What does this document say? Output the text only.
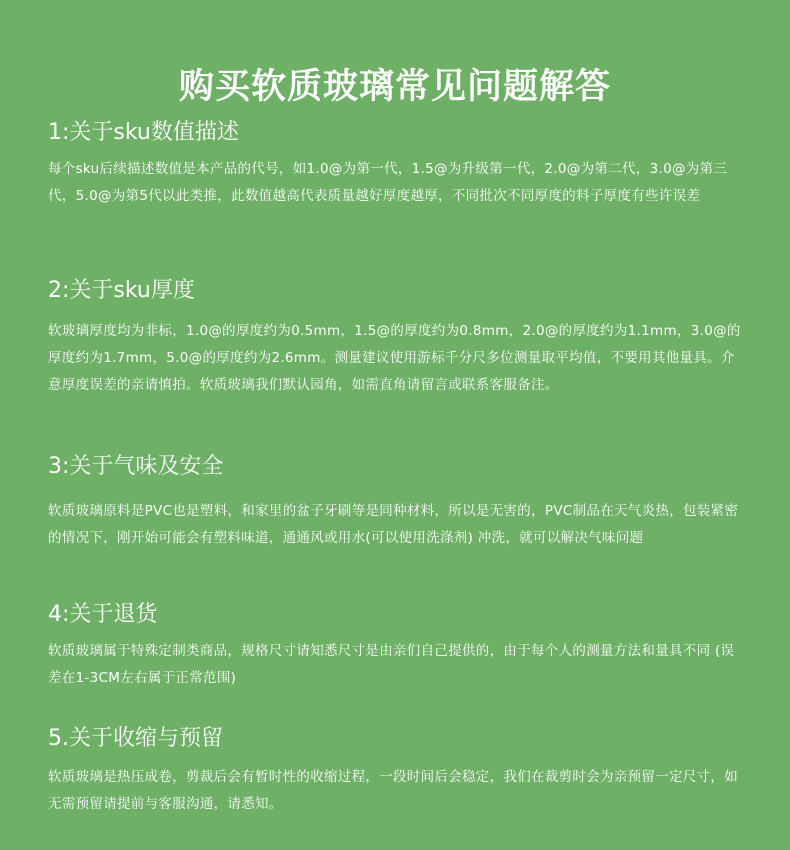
购买软质玻璃常见问题解答
1:关于sku数值描述

每个sku后续描述数值是本产品的代号，如1.0@为第一代，1.5@为升级第一代，2.0@为第二代，3.0@为第三代，5.0@为第5代以此类推，此数值越高代表质量越好厚度越厚，不同批次不同厚度的料子厚度有些许误差

2:关于sku厚度

软玻璃厚度均为非标，1.0@的厚度约为0.5mm，1.5@的厚度约为0.8mm，2.0@的厚度约为1.1mm，3.0@的厚度约为1.7mm，5.0@的厚度约为2.6mm。测量建议使用游标千分尺多位测量取平均值，不要用其他量具。介意厚度误差的亲请慎拍。软质玻璃我们默认园角，如需直角请留言或联系客服备注。

3:关于气味及安全

软质玻璃原料是PVC也是塑料，和家里的盆子牙刷等是同种材料，所以是无害的，PVC制品在天气炎热，包装紧密的情况下，刚开始可能会有塑料味道，通通风或用水(可以使用洗涤剂) 冲洗，就可以解决气味问题

4:关于退货

软质玻璃属于特殊定制类商品，规格尺寸请知悉尺寸是由亲们自己提供的，由于每个人的测量方法和量具不同 (误差在1-3CM左右属于正常范围)

5.关于收缩与预留

软质玻璃是热压成卷，剪裁后会有暂时性的收缩过程，一段时间后会稳定，我们在裁剪时会为亲预留一定尺寸，如无需预留请提前与客服沟通，请悉知。
